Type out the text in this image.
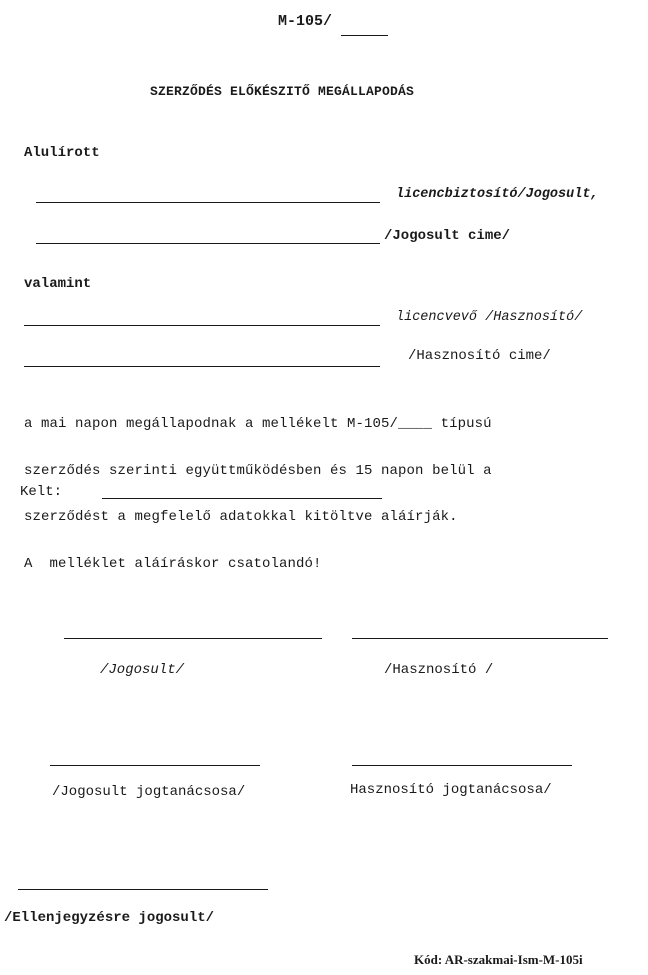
M-105/
SZERZŐDÉS ELŐKÉSZITŐ MEGÁLLAPODÁS
Alulírott
licencbiztosító/Jogosult,
/Jogosult cime/
valamint
licencvevő /Hasznosító/
/Hasznosító cime/

a mai napon megállapodnak a mellékelt M-105/____ típusú

szerződés szerinti együttműködésben és 15 napon belül a

szerződést a megfelelő adatokkal kitöltve aláírják.

A  melléklet aláíráskor csatolandó!

Kelt:
/Jogosult/	/Hasznosító /
/Jogosult jogtanácsosa/	Hasznosító jogtanácsosa/
/Ellenjegyzésre jogosult/
Kód: AR-szakmai-Ism-M-105i
